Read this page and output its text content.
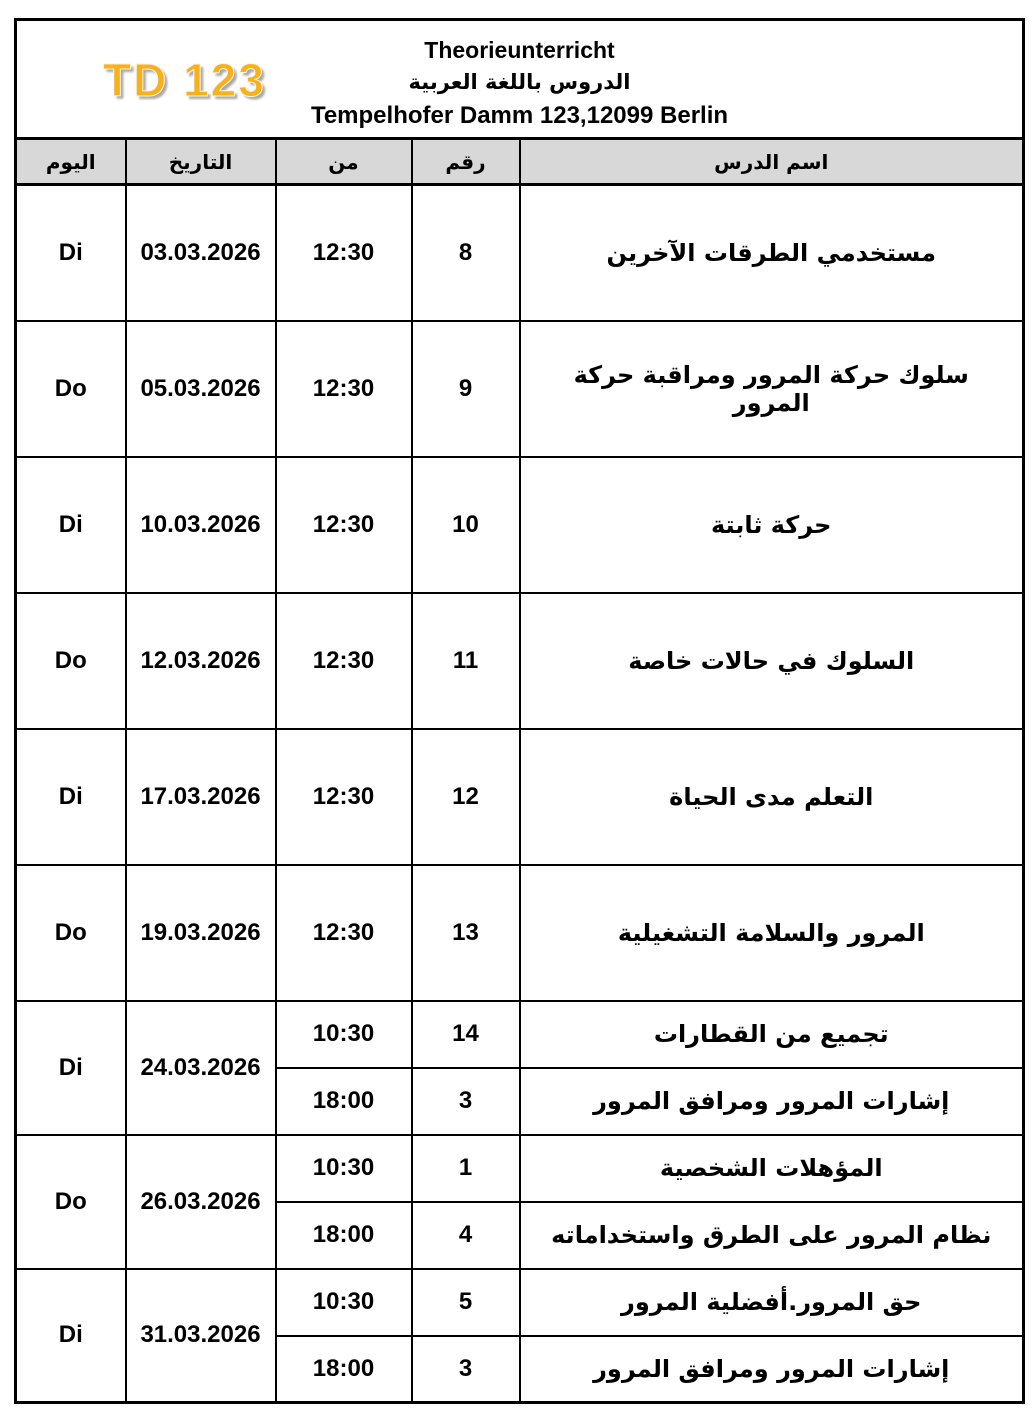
TD 123
Theorieunterricht
الدروس باللغة العربية
Tempelhofer Damm 123,12099 Berlin				

اليوم	التاريخ	من	رقم	اسم الدرس
Di	03.03.2026	12:30	8	مستخدمي الطرقات الآخرين
Do	05.03.2026	12:30	9	سلوك حركة المرور ومراقبة حركة المرور
Di	10.03.2026	12:30	10	حركة ثابتة
Do	12.03.2026	12:30	11	السلوك في حالات خاصة
Di	17.03.2026	12:30	12	التعلم مدى الحياة
Do	19.03.2026	12:30	13	المرور والسلامة التشغيلية
Di	24.03.2026	10:30	14	تجميع من القطارات
		18:00	3	إشارات المرور ومرافق المرور
Do	26.03.2026	10:30	1	المؤهلات الشخصية
		18:00	4	نظام المرور على الطرق واستخداماته
Di	31.03.2026	10:30	5	حق المرور.أفضلية المرور
		18:00	3	إشارات المرور ومرافق المرور
